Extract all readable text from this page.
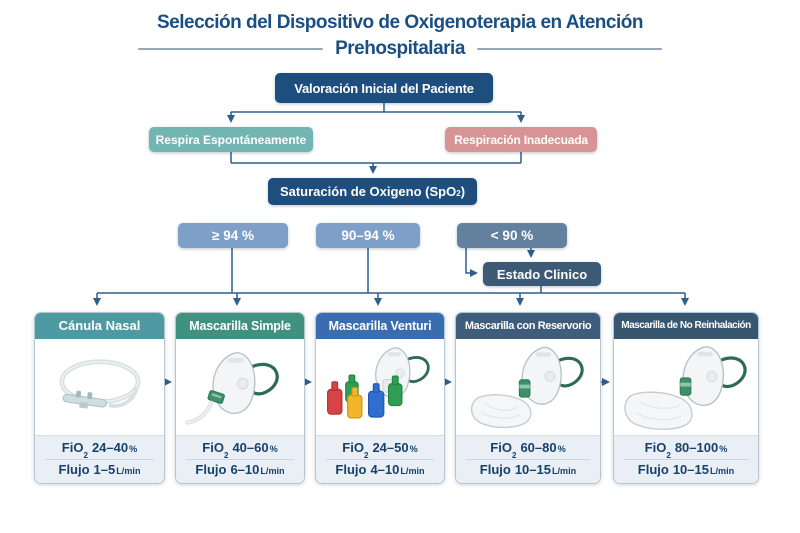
Selección del Dispositivo de Oxigenoterapia en Atención
Prehospitalaria
Valoración Inicial del Paciente
Respira Espontáneamente	Respiración Inadecuada
Saturación de Oxigeno (SpO$_2$ )
≥ 94 %	90–94 %	< 90 %
Estado Clinico
Cánula Nasal
FiO$_2$24–40%
Flujo 1–5L/min
Mascarilla Simple
FiO$_2$40–60%
Flujo 6–10L/min
Mascarilla Venturi
FiO$_2$24–50%
Flujo 4–10L/min
Mascarilla con Reservorio
FiO$_2$60–80%
Flujo 10–15L/min
Mascarilla de No Reinhalación
FiO$_2$80–100%
Flujo 10–15L/min
